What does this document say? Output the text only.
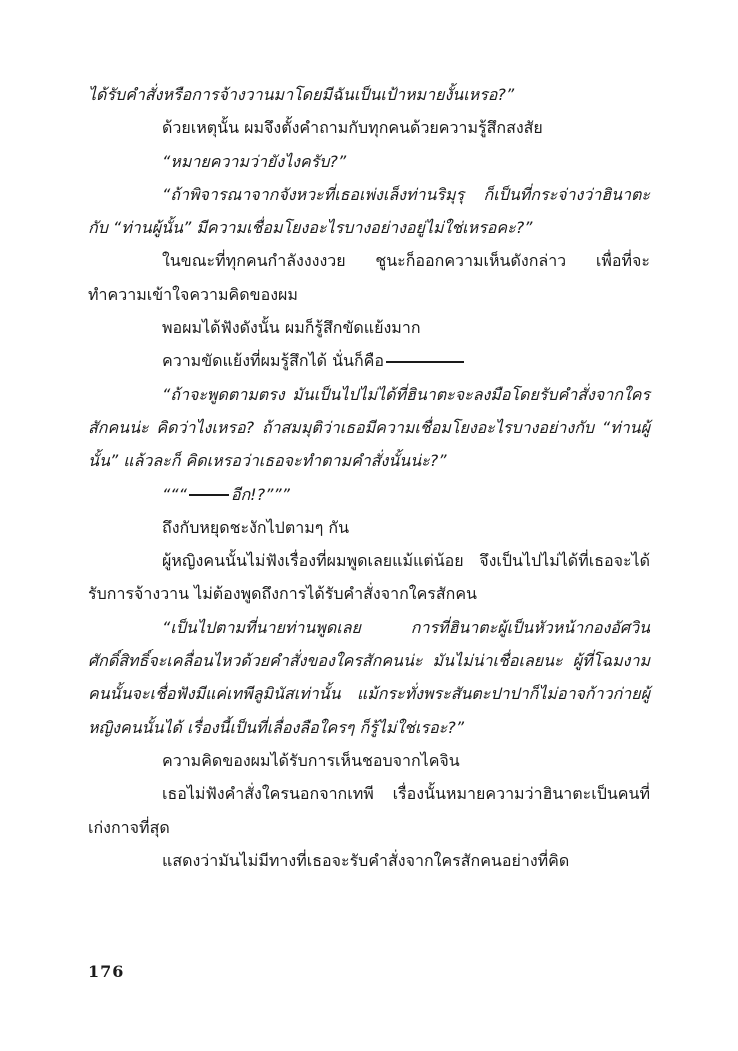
ได้รับคำสั่งหรือการจ้างวานมาโดยมีฉันเป็นเป้าหมายงั้นเหรอ?”

ด้วยเหตุนั้น ผมจึงตั้งคำถามกับทุกคนด้วยความรู้สึกสงสัย

“หมายความว่ายังไงครับ?”

“ถ้าพิจารณาจากจังหวะที่เธอเพ่งเล็งท่านริมุรุ ก็เป็นที่กระจ่างว่าฮินาตะกับ “ท่านผู้นั้น” มีความเชื่อมโยงอะไรบางอย่างอยู่ไม่ใช่เหรอคะ?”

ในขณะที่ทุกคนกำลังงงงวย ชูนะก็ออกความเห็นดังกล่าว เพื่อที่จะทำความเข้าใจความคิดของผม

พอผมได้ฟังดังนั้น ผมก็รู้สึกขัดแย้งมาก

ความขัดแย้งที่ผมรู้สึกได้ นั่นก็คือ

“ถ้าจะพูดตามตรง มันเป็นไปไม่ได้ที่ฮินาตะจะลงมือโดยรับคำสั่งจากใครสักคนน่ะ คิดว่าไงเหรอ? ถ้าสมมุติว่าเธอมีความเชื่อมโยงอะไรบางอย่างกับ “ท่านผู้นั้น” แล้วละก็ คิดเหรอว่าเธอจะทำตามคำสั่งนั้นน่ะ?”

“““	อีก!?”””

ถึงกับหยุดชะงักไปตามๆ กัน

ผู้หญิงคนนั้นไม่ฟังเรื่องที่ผมพูดเลยแม้แต่น้อย จึงเป็นไปไม่ได้ที่เธอจะได้รับการจ้างวาน ไม่ต้องพูดถึงการได้รับคำสั่งจากใครสักคน

“เป็นไปตามที่นายท่านพูดเลย การที่ฮินาตะผู้เป็นหัวหน้ากองอัศวินศักดิ์สิทธิ์จะเคลื่อนไหวด้วยคำสั่งของใครสักคนน่ะ มันไม่น่าเชื่อเลยนะ ผู้ที่โฉมงามคนนั้นจะเชื่อฟังมีแค่เทพีลูมินัสเท่านั้น แม้กระทั่งพระสันตะปาปาก็ไม่อาจก้าวก่ายผู้หญิงคนนั้นได้ เรื่องนี้เป็นที่เลื่องลือใครๆ ก็รู้ไม่ใช่เรอะ?”

ความคิดของผมได้รับการเห็นชอบจากไคจิน

เธอไม่ฟังคำสั่งใครนอกจากเทพี เรื่องนั้นหมายความว่าฮินาตะเป็นคนที่เก่งกาจที่สุด

แสดงว่ามันไม่มีทางที่เธอจะรับคำสั่งจากใครสักคนอย่างที่คิด

176
